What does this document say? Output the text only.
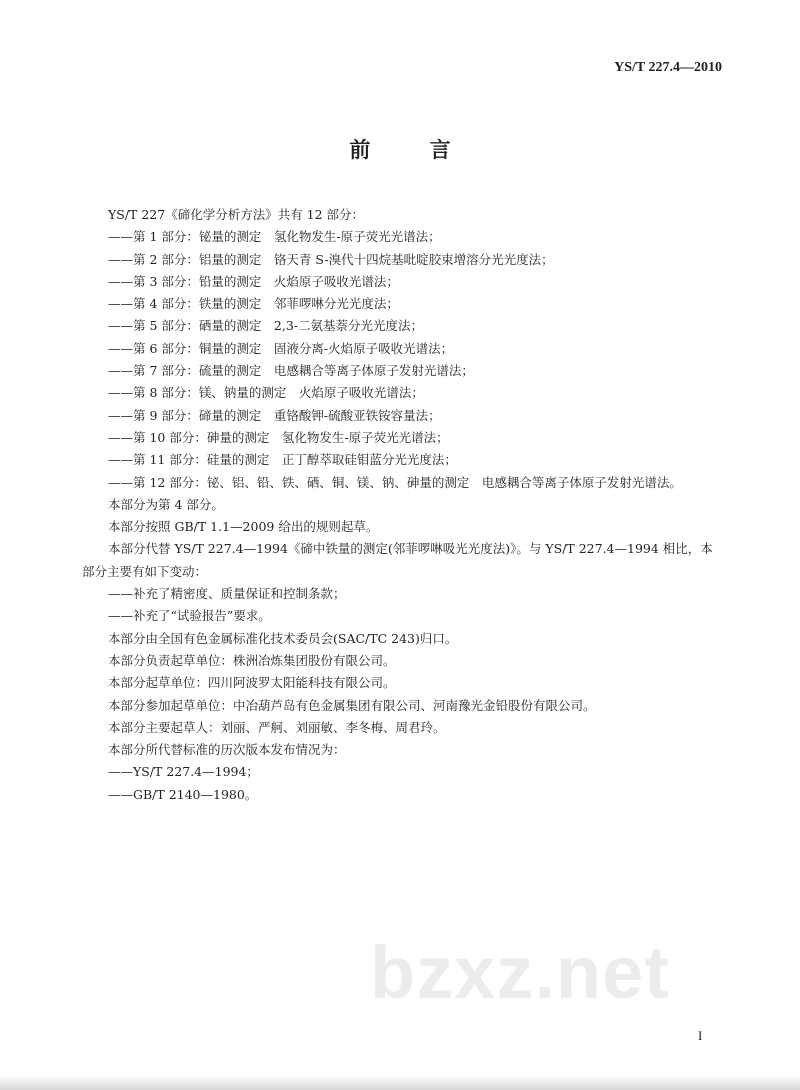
YS/T 227.4—2010
前 言

YS/T 227《碲化学分析方法》共有 12 部分：

——第 1 部分：铋量的测定　氢化物发生-原子荧光光谱法；

——第 2 部分：铝量的测定　铬天青 S-溴代十四烷基吡啶胶束增溶分光光度法；

——第 3 部分：铅量的测定　火焰原子吸收光谱法；

——第 4 部分：铁量的测定　邻菲啰啉分光光度法；

——第 5 部分：硒量的测定　2,3-二氨基萘分光光度法；

——第 6 部分：铜量的测定　固液分离-火焰原子吸收光谱法；

——第 7 部分：硫量的测定　电感耦合等离子体原子发射光谱法；

——第 8 部分：镁、钠量的测定　火焰原子吸收光谱法；

——第 9 部分：碲量的测定　重铬酸钾-硫酸亚铁铵容量法；

——第 10 部分：砷量的测定　氢化物发生-原子荧光光谱法；

——第 11 部分：硅量的测定　正丁醇萃取硅钼蓝分光光度法；

——第 12 部分：铋、铝、铅、铁、硒、铜、镁、钠、砷量的测定　电感耦合等离子体原子发射光谱法。

本部分为第 4 部分。

本部分按照 GB/T 1.1—2009 给出的规则起草。

本部分代替 YS/T 227.4—1994《碲中铁量的测定(邻菲啰啉吸光光度法)》。与 YS/T 227.4—1994 相比，本部分主要有如下变动：

——补充了精密度、质量保证和控制条款；

——补充了“试验报告”要求。

本部分由全国有色金属标准化技术委员会(SAC/TC 243)归口。

本部分负责起草单位：株洲冶炼集团股份有限公司。

本部分起草单位：四川阿波罗太阳能科技有限公司。

本部分参加起草单位：中冶葫芦岛有色金属集团有限公司、河南豫光金铅股份有限公司。

本部分主要起草人：刘丽、严舸、刘丽敏、李冬梅、周君玲。

本部分所代替标准的历次版本发布情况为：

——YS/T 227.4—1994；

——GB/T 2140—1980。

bzxz.net
I
